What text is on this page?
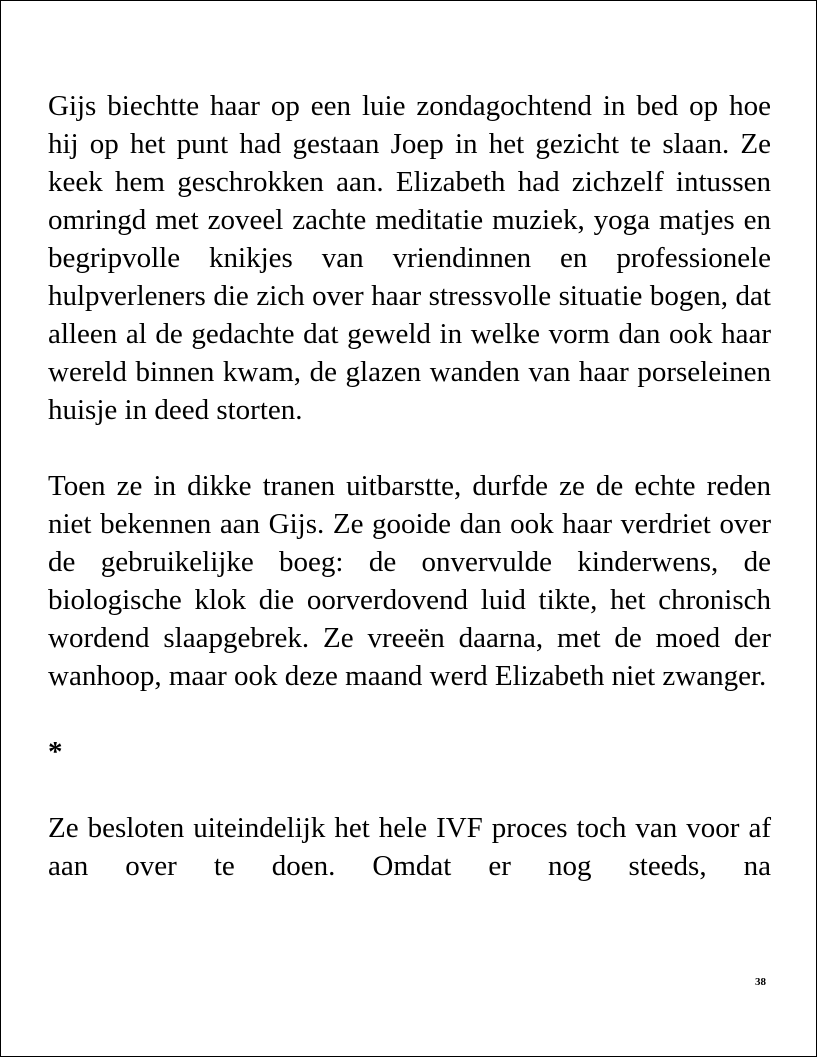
Gijs biechtte haar op een luie zondagochtend in bed op hoe hij op het punt had gestaan Joep in het gezicht te slaan. Ze keek hem geschrokken aan. Elizabeth had zichzelf intussen omringd met zoveel zachte meditatie muziek, yoga matjes en begripvolle knikjes van vriendinnen en professionele hulpverleners die zich over haar stressvolle situatie bogen, dat alleen al de gedachte dat geweld in welke vorm dan ook haar wereld binnen kwam, de glazen wanden van haar porseleinen huisje in deed storten.

Toen ze in dikke tranen uitbarstte, durfde ze de echte reden niet bekennen aan Gijs. Ze gooide dan ook haar verdriet over de gebruikelijke boeg: de onvervulde kinderwens, de biologische klok die oorverdovend luid tikte, het chronisch wordend slaapgebrek. Ze vreeën daarna, met de moed der wanhoop, maar ook deze maand werd Elizabeth niet zwanger.

*

Ze besloten uiteindelijk het hele IVF proces toch van voor af aan over te doen. Omdat er nog steeds, na

38
